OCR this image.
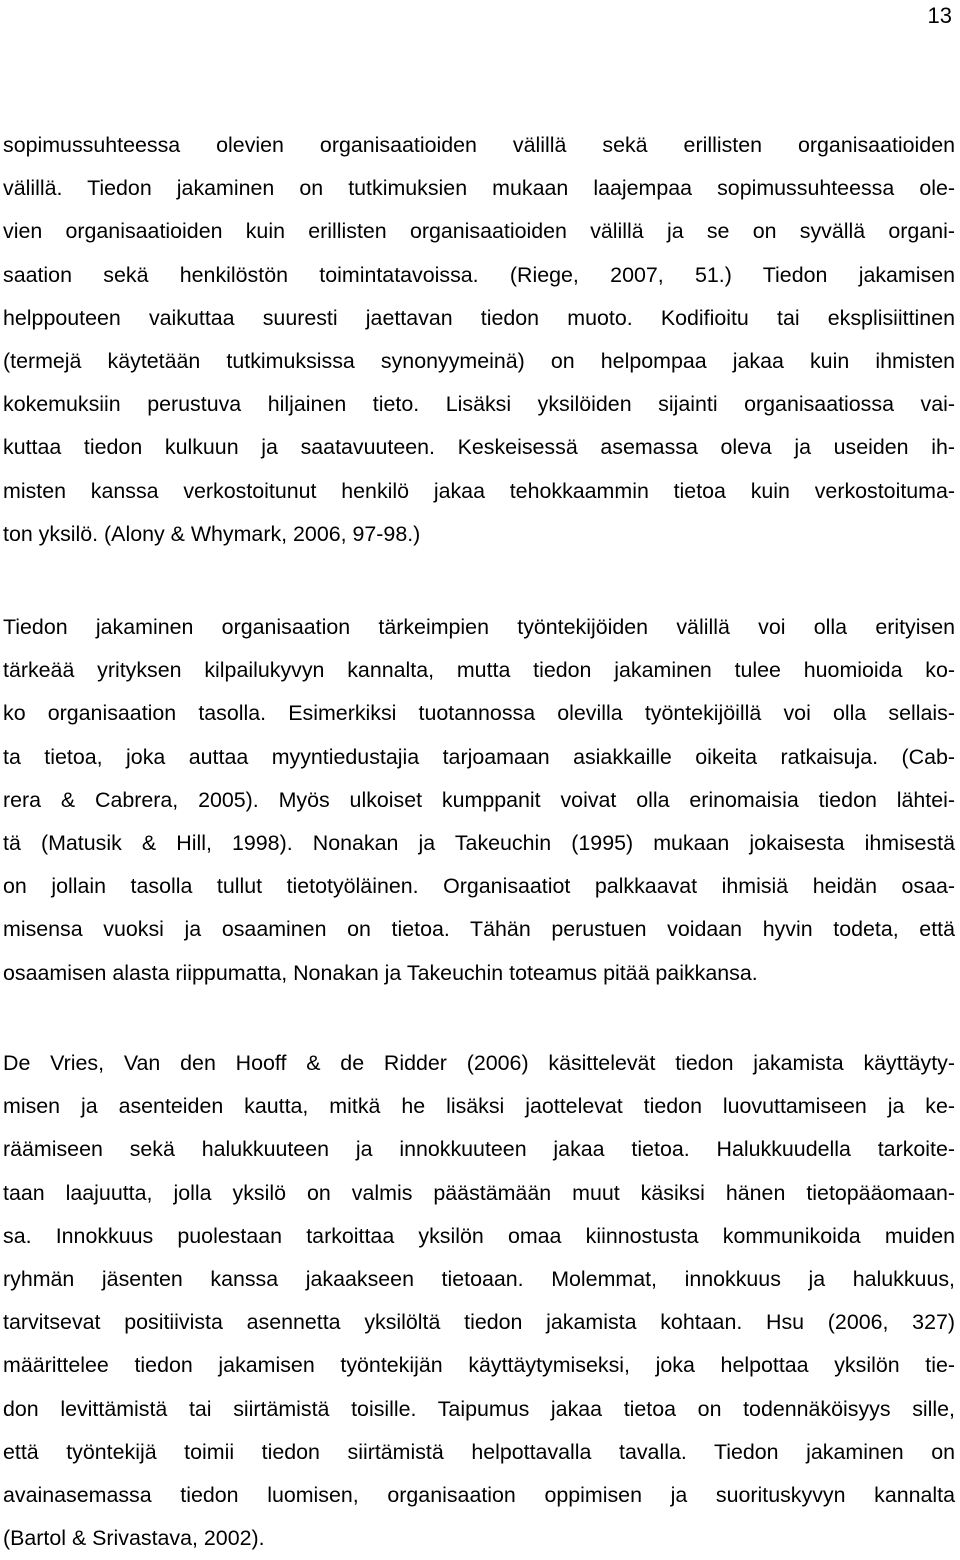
13
sopimussuhteessa olevien organisaatioiden välillä sekä erillisten organisaatioiden
välillä. Tiedon jakaminen on tutkimuksien mukaan laajempaa sopimussuhteessa ole-
vien organisaatioiden kuin erillisten organisaatioiden välillä ja se on syvällä organi-
saation sekä henkilöstön toimintatavoissa. (Riege, 2007, 51.) Tiedon jakamisen
helppouteen vaikuttaa suuresti jaettavan tiedon muoto. Kodifioitu tai eksplisiittinen
(termejä käytetään tutkimuksissa synonyymeinä) on helpompaa jakaa kuin ihmisten
kokemuksiin perustuva hiljainen tieto. Lisäksi yksilöiden sijainti organisaatiossa vai-
kuttaa tiedon kulkuun ja saatavuuteen. Keskeisessä asemassa oleva ja useiden ih-
misten kanssa verkostoitunut henkilö jakaa tehokkaammin tietoa kuin verkostoitumа-
ton yksilö. (Alony & Whymark, 2006, 97-98.)
Tiedon jakaminen organisaation tärkeimpien työntekijöiden välillä voi olla erityisen
tärkeää yrityksen kilpailukyvyn kannalta, mutta tiedon jakaminen tulee huomioida ko-
ko organisaation tasolla. Esimerkiksi tuotannossa olevilla työntekijöillä voi olla sellais-
ta tietoa, joka auttaa myyntiedustajia tarjoamaan asiakkaille oikeita ratkaisuja. (Cab-
rera & Cabrera, 2005). Myös ulkoiset kumppanit voivat olla erinomaisia tiedon lähtei-
tä (Matusik & Hill, 1998). Nonakan ja Takeuchin (1995) mukaan jokaisesta ihmisestä
on jollain tasolla tullut tietotyöläinen. Organisaatiot palkkaavat ihmisiä heidän osaa-
misensa vuoksi ja osaaminen on tietoa. Tähän perustuen voidaan hyvin todeta, että
osaamisen alasta riippumatta, Nonakan ja Takeuchin toteamus pitää paikkansa.
De Vries, Van den Hooff & de Ridder (2006) käsittelevät tiedon jakamista käyttäyty-
misen ja asenteiden kautta, mitkä he lisäksi jaottelevat tiedon luovuttamiseen ja ke-
räämiseen sekä halukkuuteen ja innokkuuteen jakaa tietoa. Halukkuudella tarkoite-
taan laajuutta, jolla yksilö on valmis päästämään muut käsiksi hänen tietopääomaan-
sa. Innokkuus puolestaan tarkoittaa yksilön omaa kiinnostusta kommunikoida muiden
ryhmän jäsenten kanssa jakaakseen tietoaan. Molemmat, innokkuus ja halukkuus,
tarvitsevat positiivista asennetta yksilöltä tiedon jakamista kohtaan. Hsu (2006, 327)
määrittelee tiedon jakamisen työntekijän käyttäytymiseksi, joka helpottaa yksilön tie-
don levittämistä tai siirtämistä toisille. Taipumus jakaa tietoa on todennäköisyys sille,
että työntekijä toimii tiedon siirtämistä helpottavalla tavalla. Tiedon jakaminen on
avainasemassa tiedon luomisen, organisaation oppimisen ja suorituskyvyn kannalta
(Bartol & Srivastava, 2002).
